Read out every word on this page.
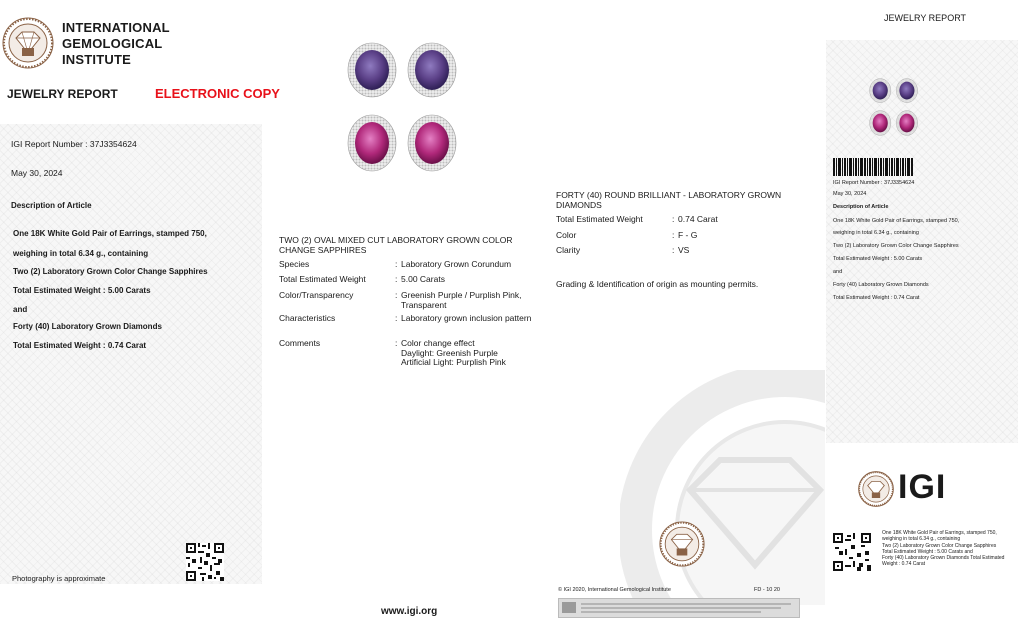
INTERNATIONAL
GEMOLOGICAL
INSTITUTE
JEWELRY REPORT	ELECTRONIC COPY
JEWELRY REPORT
IGI Report Number : 37J3354624
May 30, 2024
Description of Article
One 18K White Gold Pair of Earrings, stamped 750,
weighing in total 6.34 g., containing
Two (2) Laboratory Grown Color Change Sapphires
Total Estimated Weight : 5.00 Carats
and
Forty (40) Laboratory Grown Diamonds
Total Estimated Weight : 0.74 Carat
Photography is approximate
TWO (2) OVAL MIXED CUT LABORATORY GROWN COLOR CHANGE SAPPHIRES
Species	: Laboratory Grown Corundum
Total Estimated Weight	: 5.00 Carats
Color/Transparency	: Greenish Purple / Purplish Pink, Transparent
Characteristics	: Laboratory grown inclusion pattern
Comments	: Color change effect
Daylight: Greenish Purple
Artificial Light: Purplish Pink
FORTY (40) ROUND BRILLIANT - LABORATORY GROWN DIAMONDS
Total Estimated Weight	: 0.74 Carat
Color	: F - G
Clarity	: VS
Grading & Identification of origin as mounting permits.
© IGI 2020, International Gemological Institute	FD - 10 20
www.igi.org
IGI Report Number : 37J3354624
May 30, 2024
Description of Article
One 18K White Gold Pair of Earrings, stamped 750,
weighing in total 6.34 g., containing
Two (2) Laboratory Grown Color Change Sapphires
Total Estimated Weight : 5.00 Carats
and
Forty (40) Laboratory Grown Diamonds
Total Estimated Weight : 0.74 Carat
IGI
One 18K White Gold Pair of Earrings, stamped 750,
weighing in total 6.34 g., containing
Two (2) Laboratory Grown Color Change Sapphires
Total Estimated Weight : 5.00 Carats and
Forty (40) Laboratory Grown Diamonds Total Estimated
Weight : 0.74 Carat
